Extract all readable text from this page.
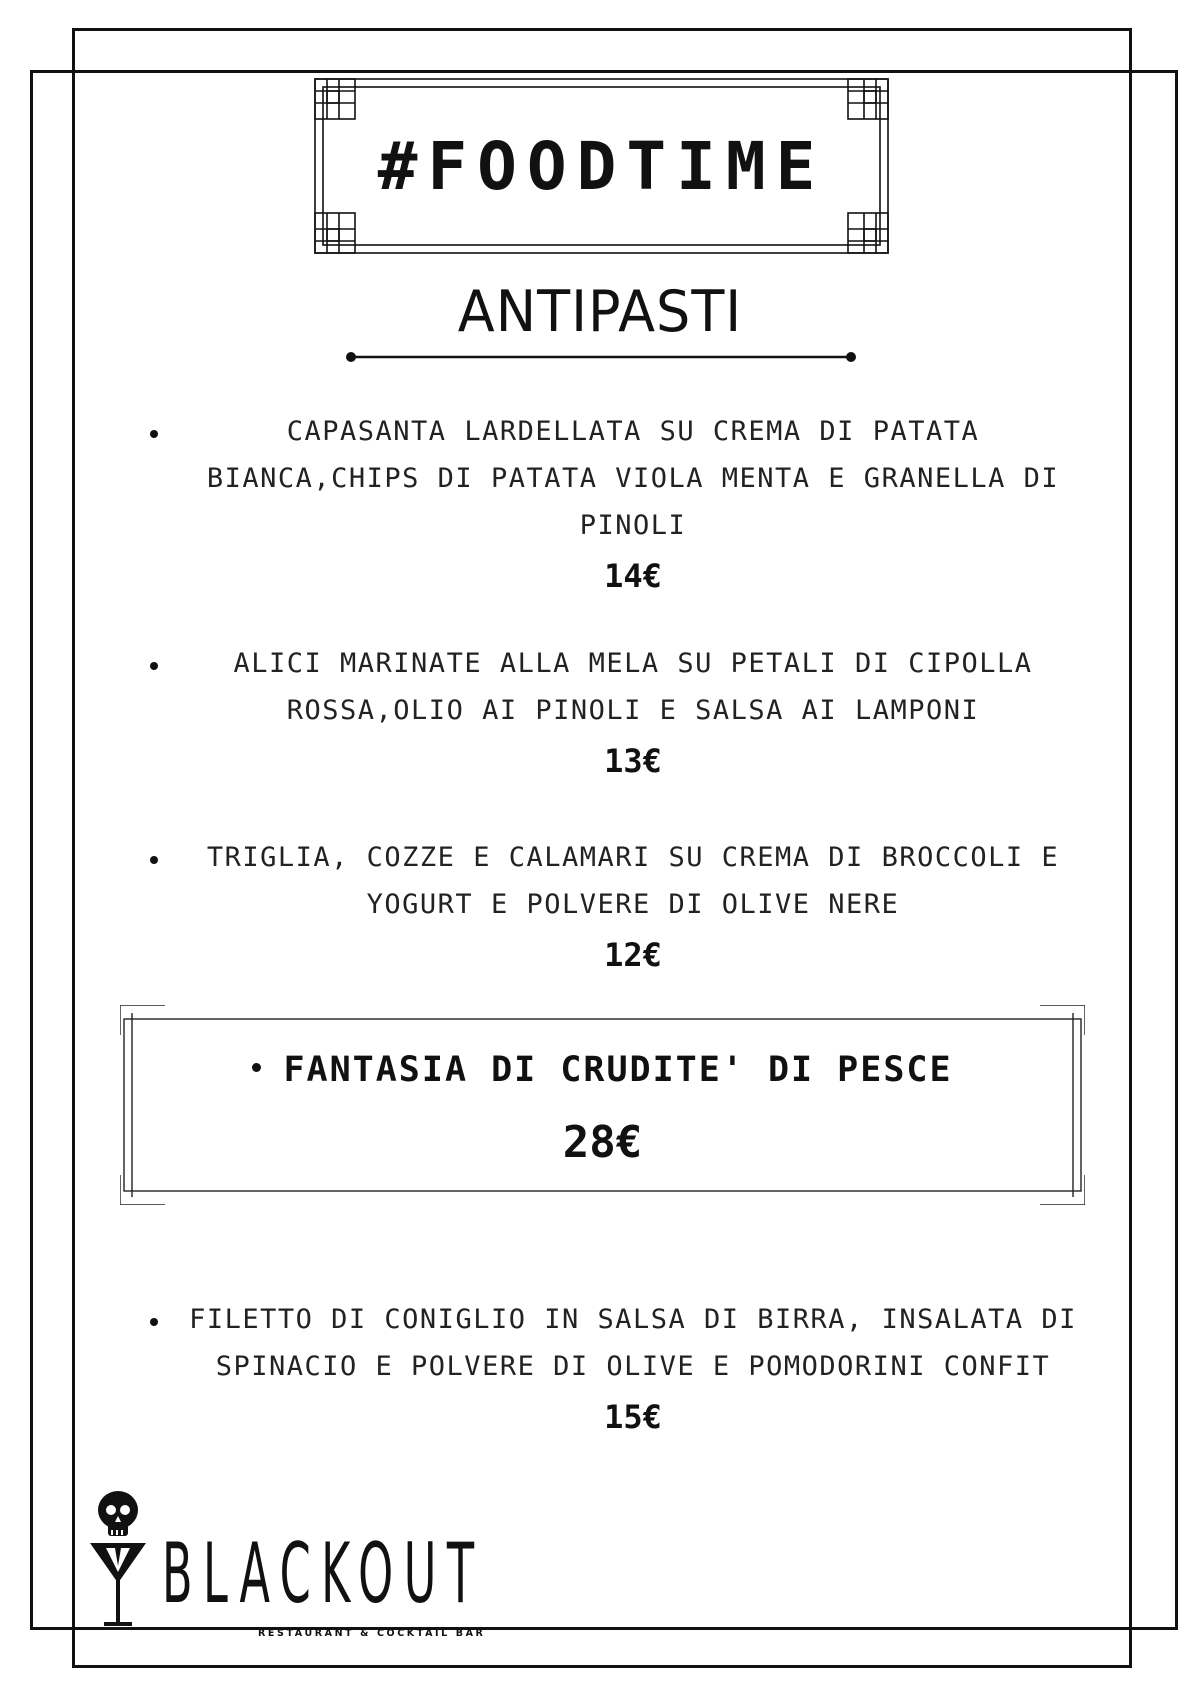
#FOODTIME
ANTIPASTI
CAPASANTA LARDELLATA SU CREMA DI PATATA BIANCA,CHIPS DI PATATA VIOLA MENTA E GRANELLA DI PINOLI
14€
ALICI MARINATE ALLA MELA SU PETALI DI CIPOLLA ROSSA,OLIO AI PINOLI E SALSA AI LAMPONI
13€
TRIGLIA, COZZE E CALAMARI SU CREMA DI BROCCOLI E YOGURT E POLVERE DI OLIVE NERE
12€
FANTASIA DI CRUDITE' DI PESCE
28€
FILETTO DI CONIGLIO IN SALSA DI BIRRA, INSALATA DI SPINACIO E POLVERE DI OLIVE E POMODORINI CONFIT
15€
BLACKOUT
RESTAURANT & COCKTAIL BAR
